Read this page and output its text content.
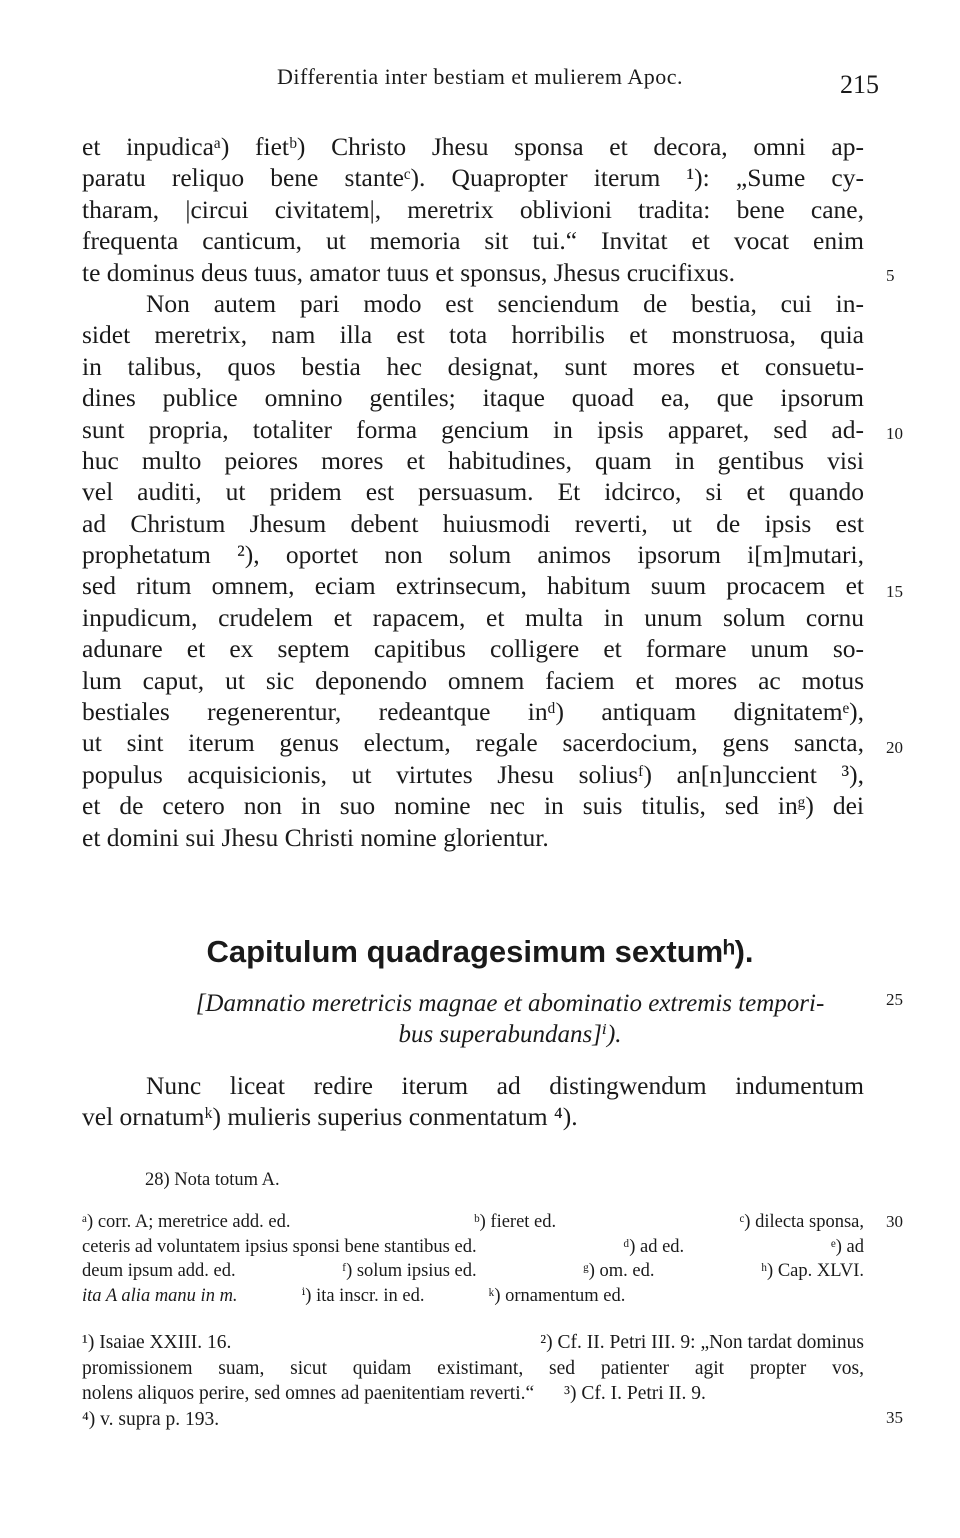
Differentia inter bestiam et mulierem Apoc.	215
et inpudicaᵃ) fietᵇ) Christo Jhesu sponsa et decora, omni ap-
paratu reliquo bene stanteᶜ). Quapropter iterum ¹): „Sume cy-
tharam, |circui civitatem|, meretrix oblivioni tradita: bene cane,
frequenta canticum, ut memoria sit tui.“ Invitat et vocat enim
te dominus deus tuus, amator tuus et sponsus, Jhesus crucifixus.
Non autem pari modo est senciendum de bestia, cui in-
sidet meretrix, nam illa est tota horribilis et monstruosa, quia
in talibus, quos bestia hec designat, sunt mores et consuetu-
dines publice omnino gentiles; itaque quoad ea, que ipsorum
sunt propria, totaliter forma gencium in ipsis apparet, sed ad-
huc multo peiores mores et habitudines, quam in gentibus visi
vel auditi, ut pridem est persuasum. Et idcirco, si et quando
ad Christum Jhesum debent huiusmodi reverti, ut de ipsis est
prophetatum ²), oportet non solum animos ipsorum i[m]mutari,
sed ritum omnem, eciam extrinsecum, habitum suum procacem et
inpudicum, crudelem et rapacem, et multa in unum solum cornu
adunare et ex septem capitibus colligere et formare unum so-
lum caput, ut sic deponendo omnem faciem et mores ac motus
bestiales regenerentur, redeantque inᵈ) antiquam dignitatemᵉ),
ut sint iterum genus electum, regale sacerdocium, gens sancta,
populus acquisicionis, ut virtutes Jhesu soliusᶠ) an[n]unccient ³),
et de cetero non in suo nomine nec in suis titulis, sed inᵍ) dei
et domini sui Jhesu Christi nomine glorientur.
5
10
15
20
25
30
35
Capitulum quadragesimum sextumʰ).
[Damnatio meretricis magnae et abominatio extremis tempori-
bus superabundans]ⁱ).
Nunc liceat redire iterum ad distingwendum indumentum
vel ornatumᵏ) mulieris superius conmentatum ⁴).
28) Nota totum A.
ᵃ) corr. A; meretrice add. ed.	ᵇ) fieret ed.	ᶜ) dilecta sponsa,
ceteris ad voluntatem ipsius sponsi bene stantibus ed.	ᵈ) ad ed.	ᵉ) ad
deum ipsum add. ed.	ᶠ) solum ipsius ed.	ᵍ) om. ed.	ʰ) Cap. XLVI.
ita A alia manu in m.	ⁱ) ita inscr. in ed.	ᵏ) ornamentum ed.
¹) Isaiae XXIII. 16.	²) Cf. II. Petri III. 9: „Non tardat dominus
promissionem suam, sicut quidam existimant, sed patienter agit propter vos,
nolens aliquos perire, sed omnes ad paenitentiam reverti.“ ³) Cf. I. Petri II. 9.
⁴) v. supra p. 193.
